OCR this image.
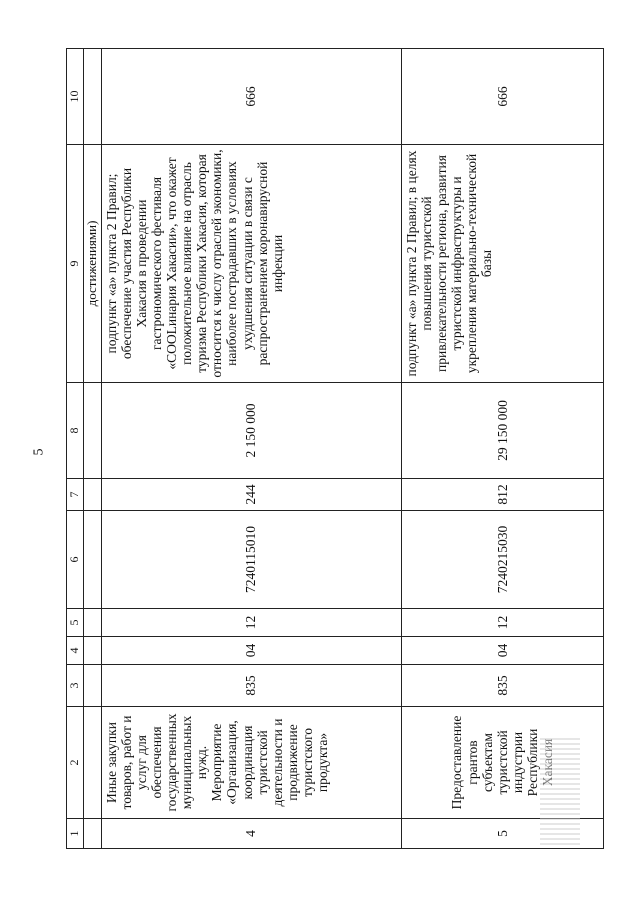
5
1	2	3	4	5	6	7	8	9	10
								достижениями)	
4	Иные закупки товаров, работ и услуг для обеспечения государственных муниципальных нужд. Мероприятие «Организация, координация туристской деятельности и продвижение туристского продукта»	835	04	12	7240115010	244	2 150 000	подпункт «а» пункта 2 Правил; обеспечение участия Республики Хакасия в проведении гастрономического фестиваля «COOLинария Хакасии», что окажет положительное влияние на отрасль туризма Республики Хакасия, которая относится к числу отраслей экономики, наиболее пострадавших в условиях ухудшения ситуации в связи с распространением коронавирусной инфекции	666
5	Предоставление грантов субъектам туристской индустрии Республики	835	04	12	7240215030	812	29 150 000	подпункт «а» пункта 2 Правил; в целях повышения туристской привлекательности региона, развития туристской инфраструктуры и укрепления материально-технической базы	666
